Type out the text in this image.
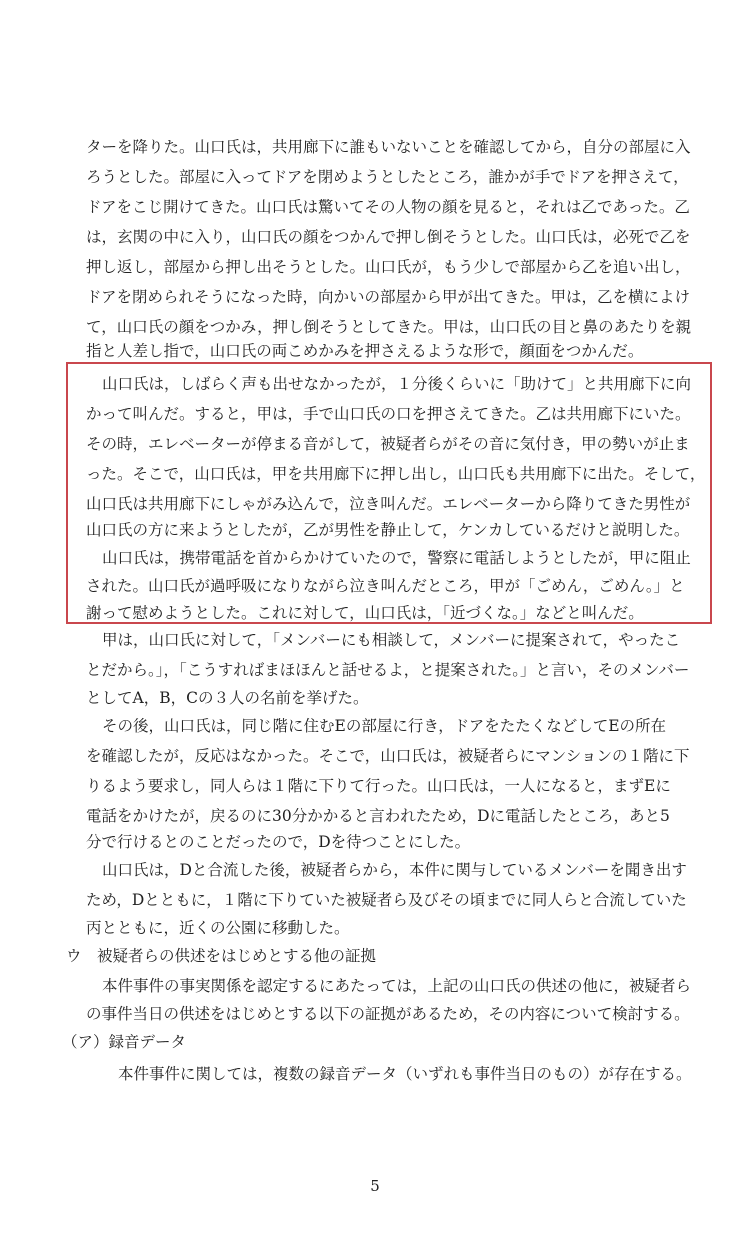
ターを降りた。山口氏は，共用廊下に誰もいないことを確認してから，自分の部屋に入
ろうとした。部屋に入ってドアを閉めようとしたところ，誰かが手でドアを押さえて，
ドアをこじ開けてきた。山口氏は驚いてその人物の顔を見ると，それは乙であった。乙
は，玄関の中に入り，山口氏の顔をつかんで押し倒そうとした。山口氏は，必死で乙を
押し返し，部屋から押し出そうとした。山口氏が，もう少しで部屋から乙を追い出し，
ドアを閉められそうになった時，向かいの部屋から甲が出てきた。甲は，乙を横によけ
て，山口氏の顔をつかみ，押し倒そうとしてきた。甲は，山口氏の目と鼻のあたりを親
指と人差し指で，山口氏の両こめかみを押さえるような形で，顔面をつかんだ。
山口氏は，しばらく声も出せなかったが，１分後くらいに「助けて」と共用廊下に向
かって叫んだ。すると，甲は，手で山口氏の口を押さえてきた。乙は共用廊下にいた。
その時，エレベーターが停まる音がして，被疑者らがその音に気付き，甲の勢いが止ま
った。そこで，山口氏は，甲を共用廊下に押し出し，山口氏も共用廊下に出た。そして，
山口氏は共用廊下にしゃがみ込んで，泣き叫んだ。エレベーターから降りてきた男性が
山口氏の方に来ようとしたが，乙が男性を静止して，ケンカしているだけと説明した。
山口氏は，携帯電話を首からかけていたので，警察に電話しようとしたが，甲に阻止
された。山口氏が過呼吸になりながら泣き叫んだところ，甲が「ごめん，ごめん。」と
謝って慰めようとした。これに対して，山口氏は，「近づくな。」などと叫んだ。
甲は，山口氏に対して，「メンバーにも相談して，メンバーに提案されて，やったこ
とだから。」，「こうすればまほほんと話せるよ，と提案された。」と言い，そのメンバー
としてA，B，Cの３人の名前を挙げた。
その後，山口氏は，同じ階に住むEの部屋に行き，ドアをたたくなどしてEの所在
を確認したが，反応はなかった。そこで，山口氏は，被疑者らにマンションの１階に下
りるよう要求し，同人らは１階に下りて行った。山口氏は，一人になると，まずEに
電話をかけたが，戻るのに30分かかると言われたため，Dに電話したところ，あと5
分で行けるとのことだったので，Dを待つことにした。
山口氏は，Dと合流した後，被疑者らから，本件に関与しているメンバーを聞き出す
ため，Dとともに，１階に下りていた被疑者ら及びその頃までに同人らと合流していた
丙とともに，近くの公園に移動した。
ウ　被疑者らの供述をはじめとする他の証拠
本件事件の事実関係を認定するにあたっては，上記の山口氏の供述の他に，被疑者ら
の事件当日の供述をはじめとする以下の証拠があるため，その内容について検討する。
（ア）録音データ
本件事件に関しては，複数の録音データ（いずれも事件当日のもの）が存在する。
5
